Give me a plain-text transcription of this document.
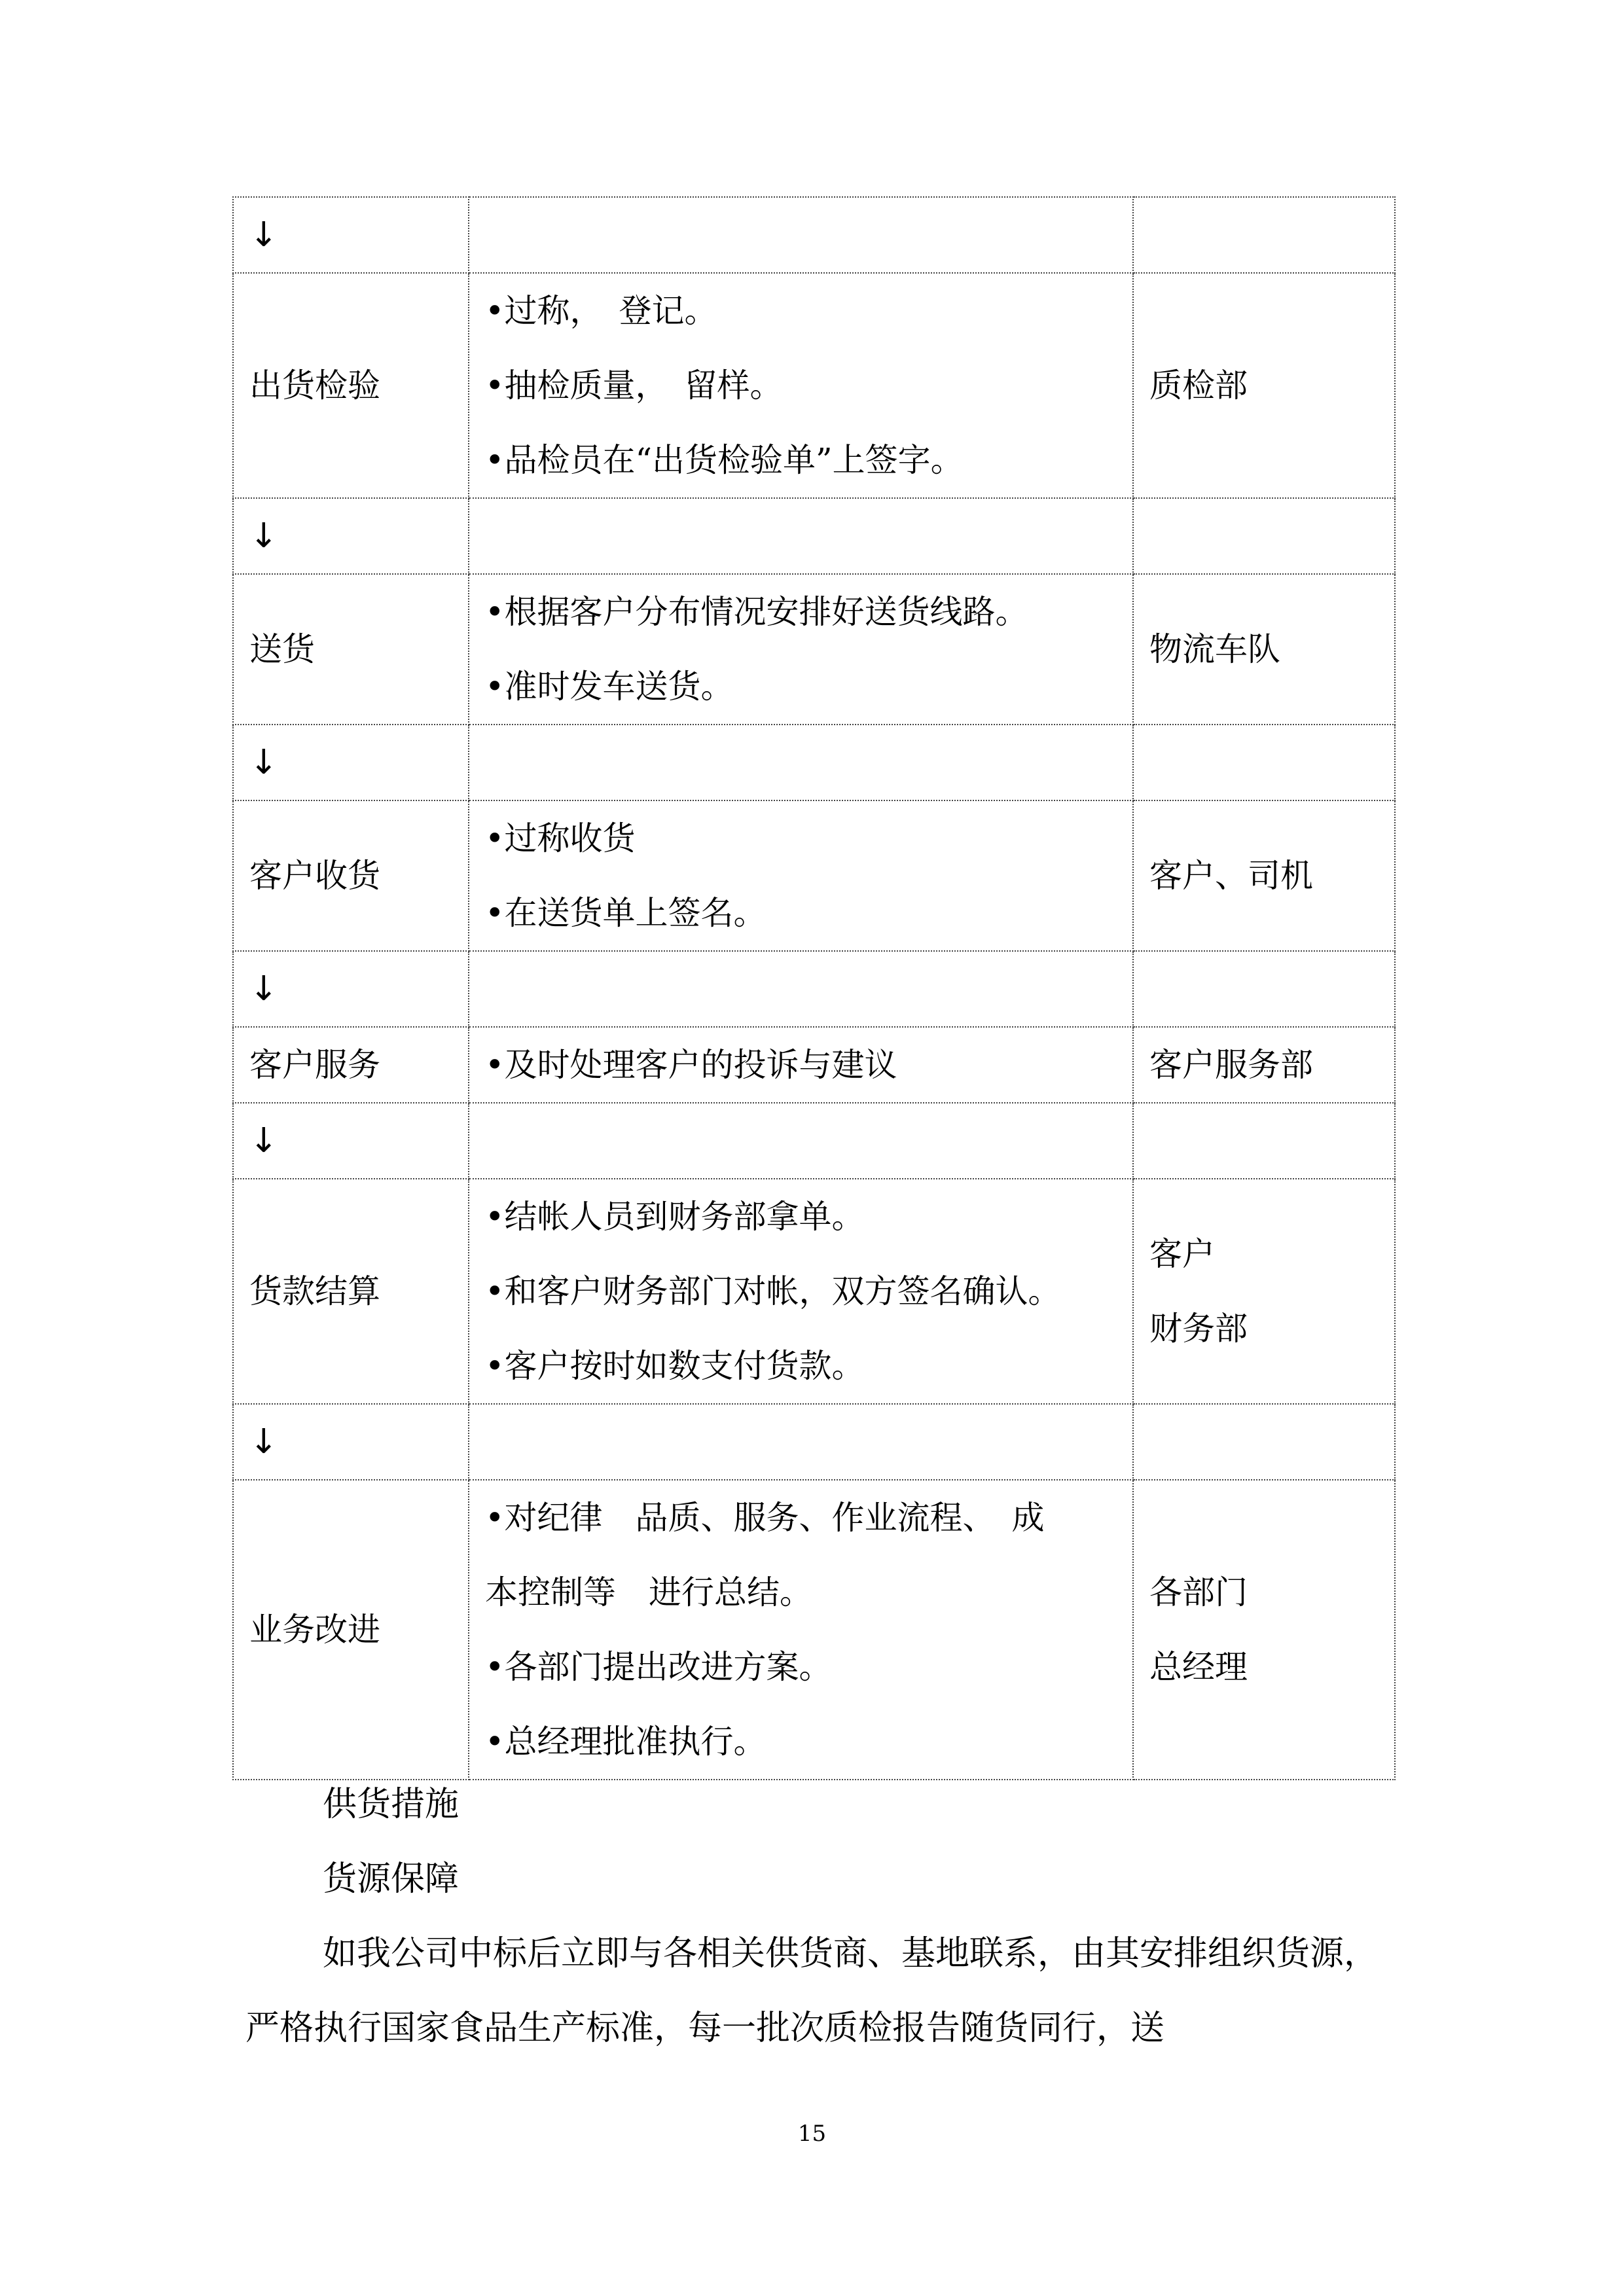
↓		
出货检验	•过称，　登记。
•抽检质量，　留样。
•品检员在“出货检验单”上签字。	质检部

↓		
送货	•根据客户分布情况安排好送货线路。
•准时发车送货。	物流车队

↓		
客户收货	•过称收货
•在送货单上签名。	客户、司机

↓		
客户服务	•及时处理客户的投诉与建议	客户服务部

↓		
货款结算	•结帐人员到财务部拿单。
•和客户财务部门对帐，双方签名确认。
•客户按时如数支付货款。	客户
财务部

↓		
业务改进	•对纪律　品质、服务、作业流程、　成
本控制等　进行总结。
•各部门提出改进方案。
•总经理批准执行。	各部门
总经理
供货措施
货源保障

如我公司中标后立即与各相关供货商、基地联系，由其安排组织货源，严格执行国家食品生产标准，每一批次质检报告随货同行，送

15
